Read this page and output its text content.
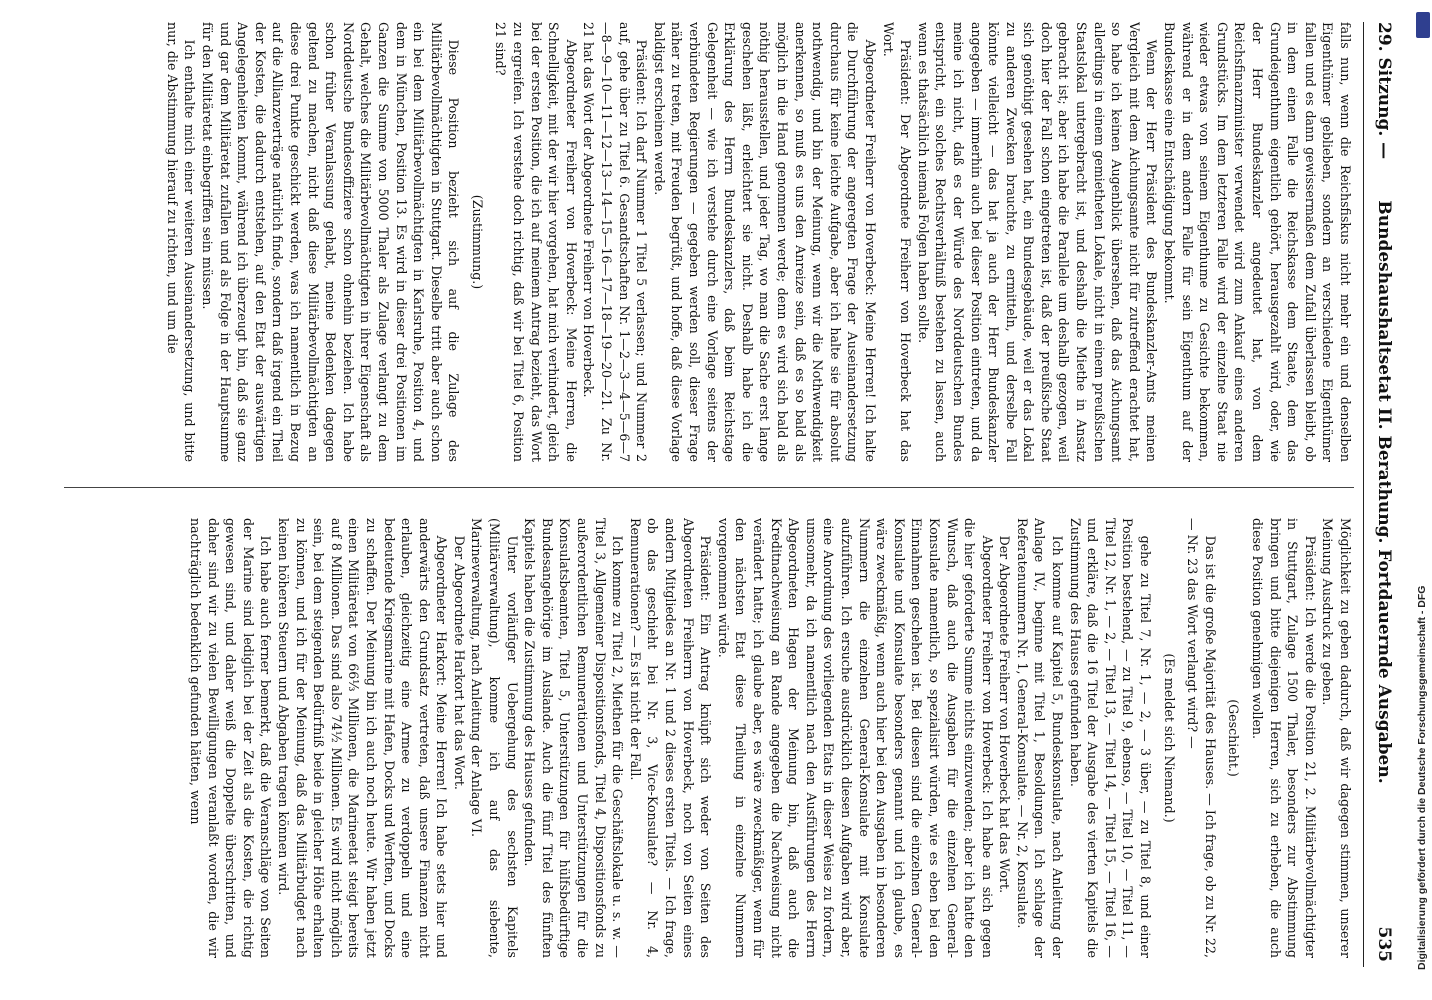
29. Sitzung. —
Bundeshaushaltsetat II. Berathung. Fortdauernde Ausgaben.
535

falls nun, wenn die Reichsfiskus nicht mehr ein und denselben Eigenthümer geblieben, sondern an verschiedene Eigenthümer fallen und es dann gewissermaßen dem Zufall überlassen bleibt, ob in dem einen Falle die Reichskasse dem Staate, dem das Grundeigenthum eigentlich gehört, herausgezahlt wird, oder, wie der Herr Bundeskanzler angedeutet hat, von dem Reichsfinanzminister verwendet wird zum Ankauf eines anderen Grundstücks. Im dem letzteren Falle wird der einzelne Staat nie wieder etwas von seinem Eigenthume zu Gesichte bekommen, während er in dem andern Falle für sein Eigenthum auf der Bundeskasse eine Entschädigung bekommt.

Wenn der Herr Präsident des Bundeskanzler-Amts meinen Vergleich mit dem Aichungsamte nicht für zutreffend erachtet hat, so habe ich keinen Augenblick übersehen, daß das Aichungsamt allerdings in einem gemietheten Lokale, nicht in einem preußischen Staatslokal untergebracht ist, und deshalb die Miethe in Ansatz gebracht ist; aber ich habe die Parallele um deshalb gezogen, weil doch hier der Fall schon eingetreten ist, daß der preußische Staat sich genöthigt gesehen hat, ein Bundesgebäude, weil er das Lokal zu anderen Zwecken brauchte, zu ermitteln, und derselbe Fall könnte vielleicht — das hat ja auch der Herr Bundeskanzler angegeben — immerhin auch bei dieser Position eintreten, und da meine ich nicht, daß es der Würde des Norddeutschen Bundes entspricht, ein solches Rechtsverhältniß bestehen zu lassen, auch wenn es thatsächlich niemals Folgen haben sollte.

Präsident: Der Abgeordnete Freiherr von Hoverbeck hat das Wort.

Abgeordneter Freiherr von Hoverbeck: Meine Herren! Ich halte die Durchführung der angeregten Frage der Auseinandersetzung durchaus für keine leichte Aufgabe, aber ich halte sie für absolut nothwendig, und bin der Meinung, wenn wir die Nothwendigkeit anerkennen, so muß es uns den Anreize sein, daß es so bald als möglich in die Hand genommen werde; denn es wird sich bald als nöthig herausstellen, und jeder Tag, wo man die Sache erst lange geschehen läßt, erleichtert sie nicht. Deshalb habe ich die Erklärung des Herrn Bundeskanzlers, daß beim Reichstage Gelegenheit — wie ich verstehe durch eine Vorlage seitens der verbündeten Regierungen — gegeben werden soll, dieser Frage näher zu treten, mit Freuden begrüßt, und hoffe, daß diese Vorlage baldigst erscheinen werde.

Präsident: Ich darf Nummer 1 Titel 5 verlassen; und Nummer 2 auf, gehe über zu Titel 6. Gesandtschaften Nr. 1—2—3—4—5—6—7—8—9—10—11—12—13—14—15—16—17—18—19—20—21. Zu Nr. 21 hat das Wort der Abgeordnete Freiherr von Hoverbeck.

Abgeordneter Freiherr von Hoverbeck: Meine Herren, die Schnelligkeit, mit der wir hier vorgehen, hat mich verhindert, gleich bei der ersten Position, die ich auf meinem Antrag bezieht, das Wort zu ergreifen. Ich verstehe doch richtig, daß wir bei Titel 6, Position 21 sind?

(Zustimmung.)

Diese Position bezieht sich auf die Zulage des Militärbevollmächtigten in Stuttgart. Dieselbe tritt aber auch schon ein bei dem Militärbevollmächtigten in Karlsruhe, Position 4, und dem in München, Position 13. Es wird in dieser drei Positionen im Ganzen die Summe von 5000 Thaler als Zulage verlangt zu dem Gehalt, welches die Militärbevollmächtigten in ihrer Eigenschaft als Norddeutsche Bundesoffiziere schon ohnehin beziehen. Ich habe schon früher Veranlassung gehabt, meine Bedenken dagegen geltend zu machen, nicht daß diese Militärbevollmächtigten an diese drei Punkte geschickt werden, was ich namentlich in Bezug auf die Allianzverträge natürlich finde, sondern daß irgend ein Theil der Kosten, die dadurch entstehen, auf den Etat der auswärtigen Angelegenheiten kommt, während ich überzeugt bin, daß sie ganz und gar dem Militäretat zufallen und als Folge in der Hauptsumme für den Militäretat einbegriffen sein müssen.

Ich enthalte mich einer weiteren Auseinandersetzung, und bitte nur, die Abstimmung hierauf zu richten, und um die

Möglichkeit zu geben dadurch, daß wir dagegen stimmen, unserer Meinung Ausdruck zu geben.

Präsident: Ich werde die Position 21, 2. Militärbevollmächtigter in Stuttgart, Zulage 1500 Thaler, besonders zur Abstimmung bringen und bitte diejenigen Herren, sich zu erheben, die auch diese Position genehmigen wollen.

(Geschieht.)

Das ist die große Majorität des Hauses. — Ich frage, ob zu Nr. 22, — Nr. 23 das Wort verlangt wird? —

(Es meldet sich Niemand.)

gehe zu Titel 7, Nr. 1, — 2, — 3 über, — zu Titel 8, und einer Position bestehend, — zu Titel 9, ebenso, — Titel 10, — Titel 11, — Titel 12, Nr. 1, — 2, — Titel 13, — Titel 14, — Titel 15, — Titel 16, — und erkläre, daß die 16 Titel der Ausgabe des vierten Kapitels die Zustimmung des Hauses gefunden haben.

Ich komme auf Kapitel 5, Bundeskonsulate, nach Anleitung der Anlage IV., beginne mit Titel 1, Besoldungen. Ich schlage der Referatenummern Nr. 1, General-Konsulate. — Nr. 2, Konsulate.

Der Abgeordnete Freiherr von Hoverbeck hat das Wort.

Abgeordneter Freiherr von Hoverbeck: Ich habe an sich gegen die hier geforderte Summe nichts einzuwenden; aber ich hatte den Wunsch, daß auch die Ausgaben für die einzelnen General-Konsulate namentlich, so spezialisirt würden, wie es eben bei den Einnahmen geschehen ist. Bei diesen sind die einzelnen General-Konsulate und Konsulate besonders genannt und ich glaube, es wäre zweckmäßig, wenn auch hier bei den Ausgaben in besonderen Nummern die einzelnen General-Konsulate mit Konsulate aufzuführen. Ich ersuche ausdrücklich diesen Aufgaben wird aber, eine Anordnung des vorliegenden Etats in dieser Weise zu fordern, umsomehr, da ich namentlich nach den Ausführungen des Herrn Abgeordneten Hagen der Meinung bin, daß auch die Kreditnachweisung an Rande angegeben die Nachweisung nicht verändert hatte; ich glaube aber, es wäre zweckmäßiger, wenn für den nächsten Etat diese Theilung in einzelne Nummern vorgenommen würde.

Präsident: Ein Antrag knüpft sich weder von Seiten des Abgeordneten Freiherrn von Hoverbeck, noch von Seiten eines andern Mitgliedes an Nr. 1 und 2 dieses ersten Titels. — Ich frage, ob das geschieht bei Nr. 3, Vice-Konsulate? — Nr. 4, Remunerationen? — Es ist nicht der Fall.

Ich komme zu Titel 2, Miethen für die Geschäftslokale u. s. w. — Titel 3, Allgemeiner Dispositionsfonds, Titel 4, Dispositionsfonds zu außerordentlichen Remunerationen und Unterstützungen für die Konsulatsbeamten, Titel 5, Unterstützungen für hülfsbedürftige Bundesangehörige im Auslande. Auch die fünf Titel des fünften Kapitels haben die Zustimmung des Hauses gefunden.

Unter vorläufiger Uebergehung des sechsten Kapitels (Militärverwaltung), komme ich auf das siebente, Marineverwaltung, nach Anleitung der Anlage VI.

Der Abgeordnete Harkort hat das Wort.

Abgeordneter Harkort: Meine Herren! Ich habe stets hier und anderwärts den Grundsatz vertreten, daß unsere Finanzen nicht erlauben, gleichzeitig eine Armee zu verdoppeln und eine bedeutende Kriegsmarine mit Hafen, Docks und Werften, und Docks zu schaffen. Der Meinung bin ich auch noch heute. Wir haben jetzt einen Militäretat von 66⅓ Millionen, die Marineetat steigt bereits auf 8 Millionen. Das sind also 74½ Millionen. Es wird nicht möglich sein, bei dem steigenden Bedürfniß beide in gleicher Höhe erhalten zu können, und ich für der Meinung, daß das Militärbudget nach keinen höheren Steuern und Abgaben tragen können wird.

Ich habe auch ferner bemerkt, daß die Veranschläge von Seiten der Marine sind lediglich bei der Zeit als die Kosten, die richtig gewesen sind, und daher weiß die Doppelte überschritten, und daher sind wir zu vielen Bewilligungen veranlaßt worden, die wir nachträglich bedenklich gefunden hätten, wenn	Digitalisierung gefördert durch die Deutsche Forschungsgemeinschaft - DFG
